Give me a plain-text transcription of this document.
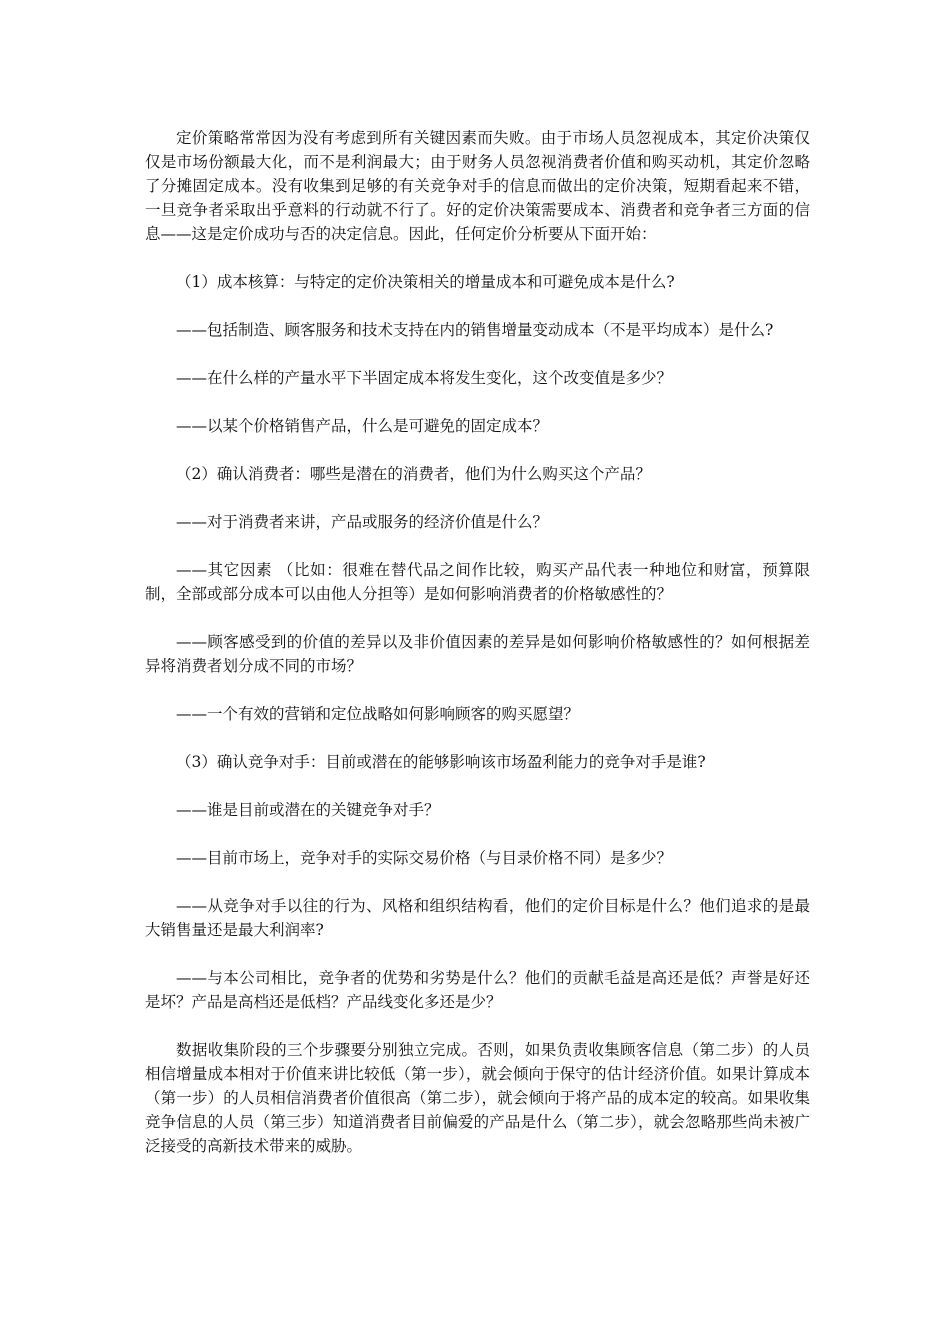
定价策略常常因为没有考虑到所有关键因素而失败。由于市场人员忽视成本，其定价决策仅仅是市场份额最大化，而不是利润最大；由于财务人员忽视消费者价值和购买动机，其定价忽略了分摊固定成本。没有收集到足够的有关竞争对手的信息而做出的定价决策，短期看起来不错，一旦竞争者采取出乎意料的行动就不行了。好的定价决策需要成本、消费者和竞争者三方面的信息——这是定价成功与否的决定信息。因此，任何定价分析要从下面开始：

（1）成本核算：与特定的定价决策相关的增量成本和可避免成本是什么?

——包括制造、顾客服务和技术支持在内的销售增量变动成本（不是平均成本）是什么?

——在什么样的产量水平下半固定成本将发生变化，这个改变值是多少？

——以某个价格销售产品，什么是可避免的固定成本？

（2）确认消费者：哪些是潜在的消费者，他们为什么购买这个产品？

——对于消费者来讲，产品或服务的经济价值是什么？

——其它因素 （比如：很难在替代品之间作比较，购买产品代表一种地位和财富，预算限制，全部或部分成本可以由他人分担等）是如何影响消费者的价格敏感性的？

——顾客感受到的价值的差异以及非价值因素的差异是如何影响价格敏感性的？如何根据差异将消费者划分成不同的市场？

——一个有效的营销和定位战略如何影响顾客的购买愿望？

（3）确认竞争对手：目前或潜在的能够影响该市场盈利能力的竞争对手是谁?

——谁是目前或潜在的关键竞争对手？

——目前市场上，竞争对手的实际交易价格（与目录价格不同）是多少？

——从竞争对手以往的行为、风格和组织结构看，他们的定价目标是什么？他们追求的是最大销售量还是最大利润率?

——与本公司相比，竞争者的优势和劣势是什么？他们的贡献毛益是高还是低？声誉是好还是坏？产品是高档还是低档？产品线变化多还是少？

数据收集阶段的三个步骤要分别独立完成。否则，如果负责收集顾客信息（第二步）的人员相信增量成本相对于价值来讲比较低（第一步），就会倾向于保守的估计经济价值。如果计算成本（第一步）的人员相信消费者价值很高（第二步），就会倾向于将产品的成本定的较高。如果收集竞争信息的人员（第三步）知道消费者目前偏爱的产品是什么（第二步），就会忽略那些尚未被广泛接受的高新技术带来的威胁。
